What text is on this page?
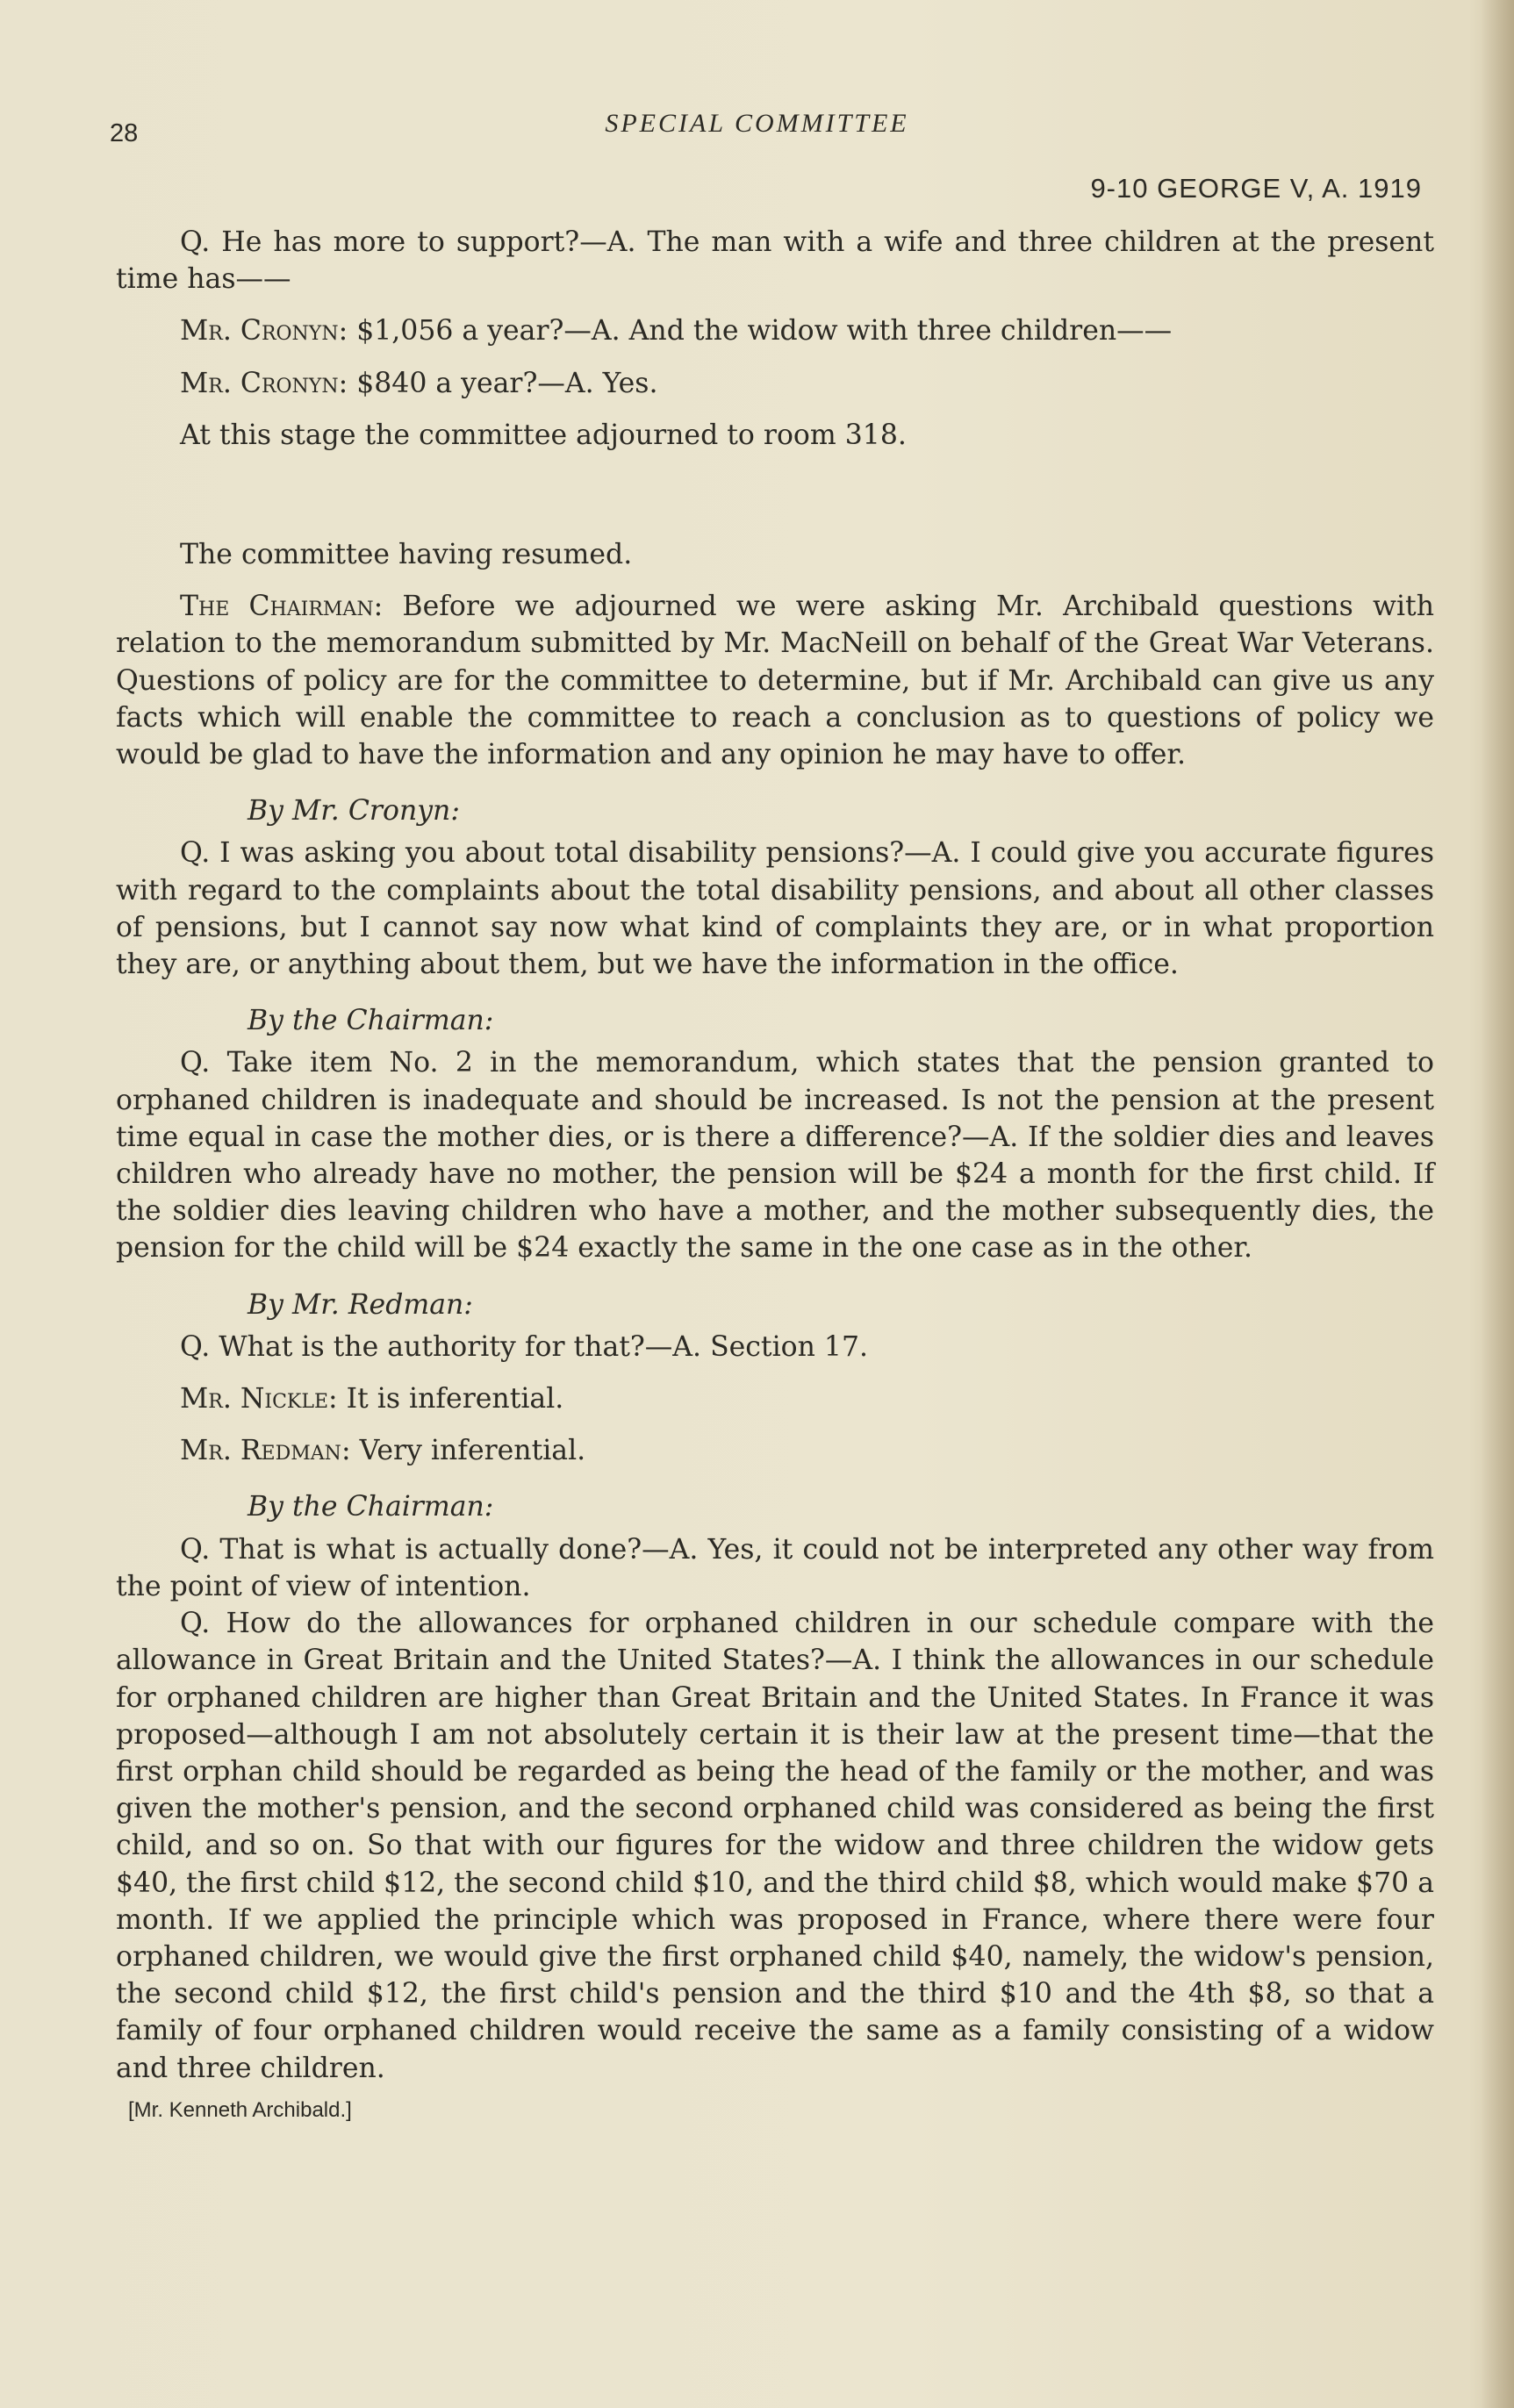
28	SPECIAL COMMITTEE
9-10 GEORGE V, A. 1919

Q. He has more to support?—A. The man with a wife and three children at the present time has——

Mr. Cronyn: $1,056 a year?—A. And the widow with three children——

Mr. Cronyn: $840 a year?—A. Yes.

At this stage the committee adjourned to room 318.

The committee having resumed.

The Chairman: Before we adjourned we were asking Mr. Archibald questions with relation to the memorandum submitted by Mr. MacNeill on behalf of the Great War Veterans. Questions of policy are for the committee to determine, but if Mr. Archibald can give us any facts which will enable the committee to reach a conclusion as to questions of policy we would be glad to have the information and any opinion he may have to offer.

By Mr. Cronyn:

Q. I was asking you about total disability pensions?—A. I could give you accurate figures with regard to the complaints about the total disability pensions, and about all other classes of pensions, but I cannot say now what kind of complaints they are, or in what proportion they are, or anything about them, but we have the information in the office.

By the Chairman:

Q. Take item No. 2 in the memorandum, which states that the pension granted to orphaned children is inadequate and should be increased. Is not the pension at the present time equal in case the mother dies, or is there a difference?—A. If the soldier dies and leaves children who already have no mother, the pension will be $24 a month for the first child. If the soldier dies leaving children who have a mother, and the mother subsequently dies, the pension for the child will be $24 exactly the same in the one case as in the other.

By Mr. Redman:

Q. What is the authority for that?—A. Section 17.

Mr. Nickle: It is inferential.

Mr. Redman: Very inferential.

By the Chairman:

Q. That is what is actually done?—A. Yes, it could not be interpreted any other way from the point of view of intention.

Q. How do the allowances for orphaned children in our schedule compare with the allowance in Great Britain and the United States?—A. I think the allowances in our schedule for orphaned children are higher than Great Britain and the United States. In France it was proposed—although I am not absolutely certain it is their law at the present time—that the first orphan child should be regarded as being the head of the family or the mother, and was given the mother's pension, and the second orphaned child was considered as being the first child, and so on. So that with our figures for the widow and three children the widow gets $40, the first child $12, the second child $10, and the third child $8, which would make $70 a month. If we applied the principle which was proposed in France, where there were four orphaned children, we would give the first orphaned child $40, namely, the widow's pension, the second child $12, the first child's pension and the third $10 and the 4th $8, so that a family of four orphaned children would receive the same as a family consisting of a widow and three children.

[Mr. Kenneth Archibald.]
